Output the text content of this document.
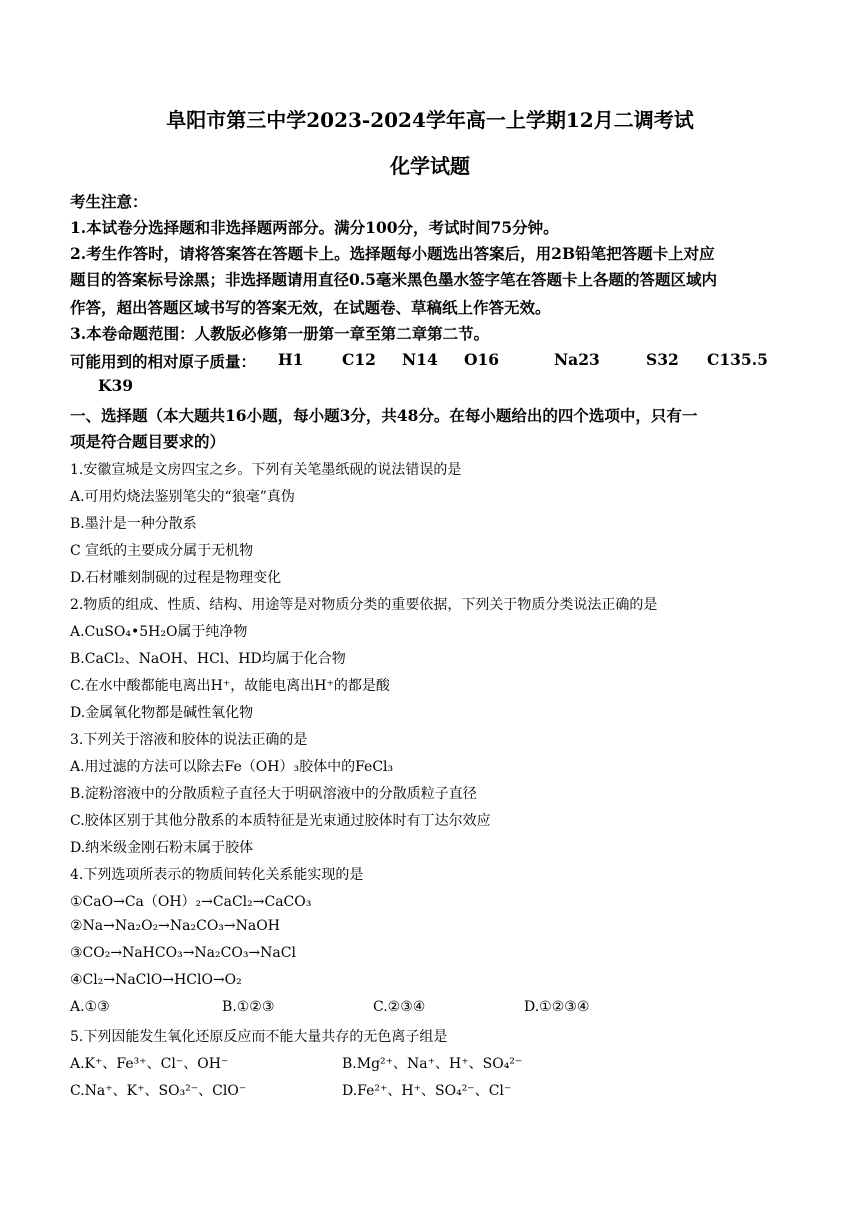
阜阳市第三中学2023-2024学年高一上学期12月二调考试
化学试题
考生注意：
1.本试卷分选择题和非选择题两部分。满分100分，考试时间75分钟。
2.考生作答时，请将答案答在答题卡上。选择题每小题选出答案后，用2B铅笔把答题卡上对应
题目的答案标号涂黑；非选择题请用直径0.5毫米黑色墨水签字笔在答题卡上各题的答题区域内
作答，超出答题区域书写的答案无效，在试题卷、草稿纸上作答无效。
3.本卷命题范围：人教版必修第一册第一章至第二章第二节。
可能用到的相对原子质量： H1 C12 N14 O16	Na23	S32 C135.5
K39
一、选择题（本大题共16小题，每小题3分，共48分。在每小题给出的四个选项中，只有一
项是符合题目要求的）
1.安徽宣城是文房四宝之乡。下列有关笔墨纸砚的说法错误的是
A.可用灼烧法鉴别笔尖的“狼毫”真伪
B.墨汁是一种分散系
C 宣纸的主要成分属于无机物
D.石材雕刻制砚的过程是物理变化
2.物质的组成、性质、结构、用途等是对物质分类的重要依据，下列关于物质分类说法正确的是
A.CuSO₄•5H₂O属于纯净物
B.CaCl₂、NaOH、HCl、HD均属于化合物
C.在水中酸都能电离出H⁺，故能电离出H⁺的都是酸
D.金属氧化物都是碱性氧化物
3.下列关于溶液和胶体的说法正确的是
A.用过滤的方法可以除去Fe（OH）₃胶体中的FeCl₃
B.淀粉溶液中的分散质粒子直径大于明矾溶液中的分散质粒子直径
C.胶体区别于其他分散系的本质特征是光束通过胶体时有丁达尔效应
D.纳米级金刚石粉末属于胶体
4.下列选项所表示的物质间转化关系能实现的是
①CaO→Ca（OH）₂→CaCl₂→CaCO₃
②Na→Na₂O₂→Na₂CO₃→NaOH
③CO₂→NaHCO₃→Na₂CO₃→NaCl
④Cl₂→NaClO→HClO→O₂
A.①③	B.①②③	C.②③④	D.①②③④
5.下列因能发生氧化还原反应而不能大量共存的无色离子组是
A.K⁺、Fe³⁺、Cl⁻、OH⁻	B.Mg²⁺、Na⁺、H⁺、SO₄²⁻
C.Na⁺、K⁺、SO₃²⁻、ClO⁻	D.Fe²⁺、H⁺、SO₄²⁻、Cl⁻
